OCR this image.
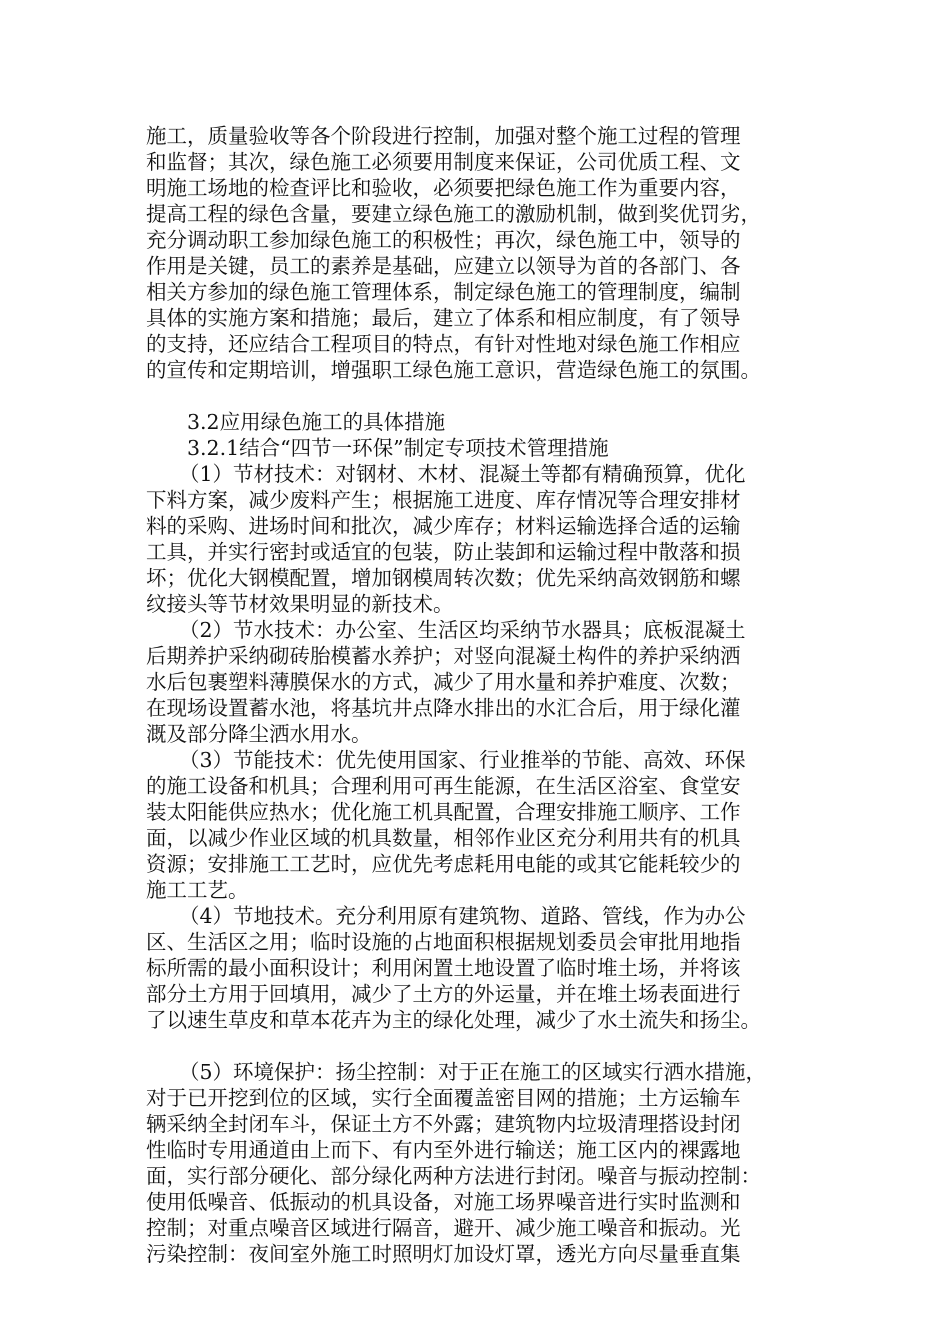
施工，质量验收等各个阶段进行控制，加强对整个施工过程的管理
和监督；其次，绿色施工必须要用制度来保证，公司优质工程、文
明施工场地的检查评比和验收，必须要把绿色施工作为重要内容，
提高工程的绿色含量，要建立绿色施工的激励机制，做到奖优罚劣，
充分调动职工参加绿色施工的积极性；再次，绿色施工中，领导的
作用是关键，员工的素养是基础，应建立以领导为首的各部门、各
相关方参加的绿色施工管理体系，制定绿色施工的管理制度，编制
具体的实施方案和措施；最后，建立了体系和相应制度，有了领导
的支持，还应结合工程项目的特点，有针对性地对绿色施工作相应
的宣传和定期培训，增强职工绿色施工意识，营造绿色施工的氛围。
3.2应用绿色施工的具体措施
3.2.1结合“四节一环保”制定专项技术管理措施
（1）节材技术：对钢材、木材、混凝土等都有精确预算，优化
下料方案，减少废料产生；根据施工进度、库存情况等合理安排材
料的采购、进场时间和批次，减少库存；材料运输选择合适的运输
工具，并实行密封或适宜的包装，防止装卸和运输过程中散落和损
坏；优化大钢模配置，增加钢模周转次数；优先采纳高效钢筋和螺
纹接头等节材效果明显的新技术。
（2）节水技术：办公室、生活区均采纳节水器具；底板混凝土
后期养护采纳砌砖胎模蓄水养护；对竖向混凝土构件的养护采纳洒
水后包裹塑料薄膜保水的方式，减少了用水量和养护难度、次数；
在现场设置蓄水池，将基坑井点降水排出的水汇合后，用于绿化灌
溉及部分降尘洒水用水。
（3）节能技术：优先使用国家、行业推举的节能、高效、环保
的施工设备和机具；合理利用可再生能源，在生活区浴室、食堂安
装太阳能供应热水；优化施工机具配置，合理安排施工顺序、工作
面，以减少作业区域的机具数量，相邻作业区充分利用共有的机具
资源；安排施工工艺时，应优先考虑耗用电能的或其它能耗较少的
施工工艺。
（4）节地技术。充分利用原有建筑物、道路、管线，作为办公
区、生活区之用；临时设施的占地面积根据规划委员会审批用地指
标所需的最小面积设计；利用闲置土地设置了临时堆土场，并将该
部分土方用于回填用，减少了土方的外运量，并在堆土场表面进行
了以速生草皮和草本花卉为主的绿化处理，减少了水土流失和扬尘。
（5）环境保护：扬尘控制：对于正在施工的区域实行洒水措施，
对于已开挖到位的区域，实行全面覆盖密目网的措施；土方运输车
辆采纳全封闭车斗，保证土方不外露；建筑物内垃圾清理搭设封闭
性临时专用通道由上而下、有内至外进行输送；施工区内的裸露地
面，实行部分硬化、部分绿化两种方法进行封闭。噪音与振动控制：
使用低噪音、低振动的机具设备，对施工场界噪音进行实时监测和
控制；对重点噪音区域进行隔音，避开、减少施工噪音和振动。光
污染控制：夜间室外施工时照明灯加设灯罩，透光方向尽量垂直集
